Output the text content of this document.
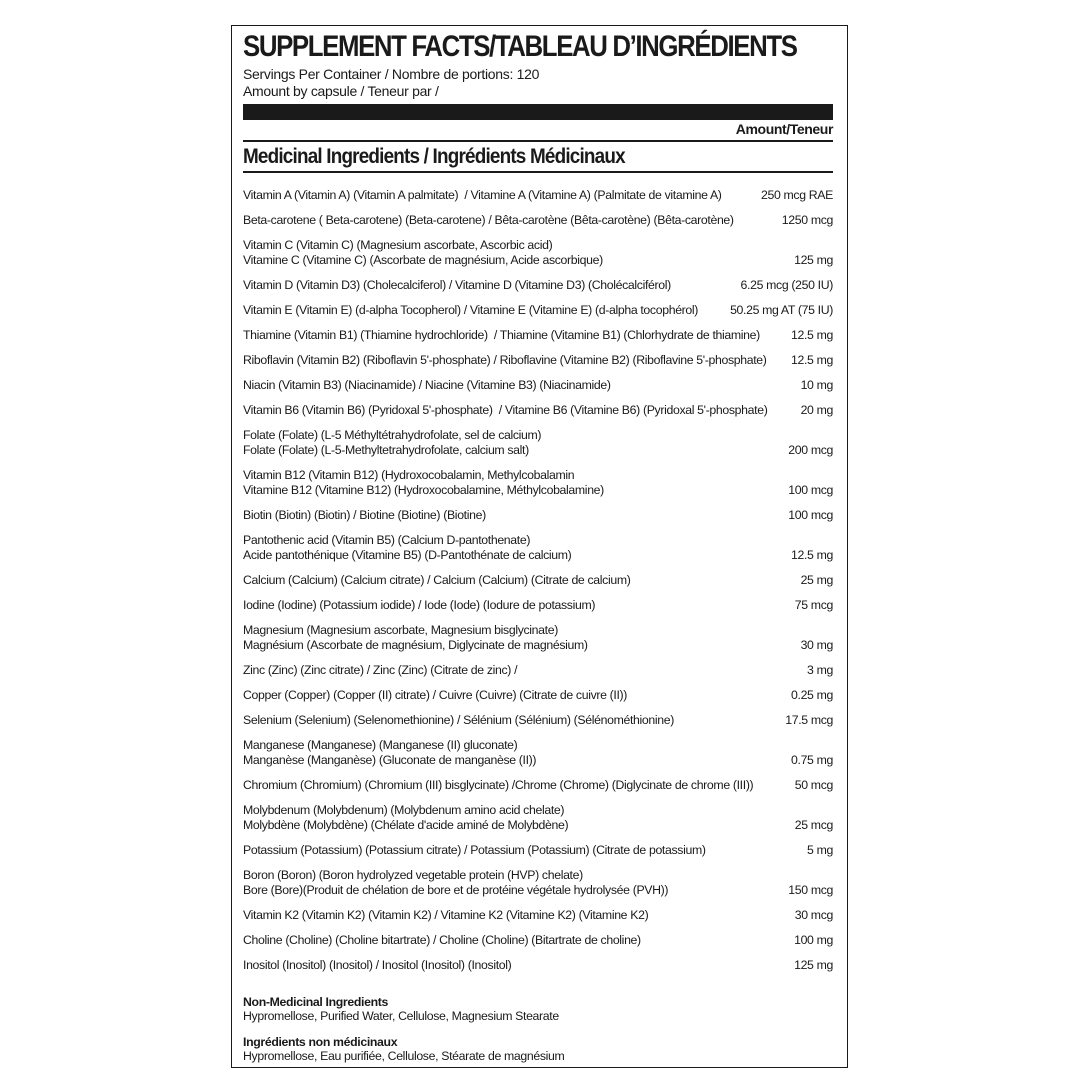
SUPPLEMENT FACTS/TABLEAU D’INGRÉDIENTS
Servings Per Container / Nombre de portions: 120
Amount by capsule / Teneur par /
Amount/Teneur
Medicinal Ingredients / Ingrédients Médicinaux
Vitamin A (Vitamin A) (Vitamin A palmitate)  / Vitamine A (Vitamine A) (Palmitate de vitamine A)	250 mcg RAE
Beta-carotene ( Beta-carotene) (Beta-carotene) / Bêta-carotène (Bêta-carotène) (Bêta-carotène)	1250 mcg
Vitamin C (Vitamin C) (Magnesium ascorbate, Ascorbic acid)
Vitamine C (Vitamine C) (Ascorbate de magnésium, Acide ascorbique)	125 mg
Vitamin D (Vitamin D3) (Cholecalciferol) / Vitamine D (Vitamine D3) (Cholécalciférol)	6.25 mcg (250 IU)
Vitamin E (Vitamin E) (d-alpha Tocopherol) / Vitamine E (Vitamine E) (d-alpha tocophérol)	50.25 mg AT (75 IU)
Thiamine (Vitamin B1) (Thiamine hydrochloride)  / Thiamine (Vitamine B1) (Chlorhydrate de thiamine)	12.5 mg
Riboflavin (Vitamin B2) (Riboflavin 5'-phosphate) / Riboflavine (Vitamine B2) (Riboflavine 5'-phosphate) 12.5 mg
Niacin (Vitamin B3) (Niacinamide) / Niacine (Vitamine B3) (Niacinamide)	10 mg
Vitamin B6 (Vitamin B6) (Pyridoxal 5'-phosphate)  / Vitamine B6 (Vitamine B6) (Pyridoxal 5'-phosphate)	20 mg
Folate (Folate) (L-5 Méthyltétrahydrofolate, sel de calcium)
Folate (Folate) (L-5-Methyltetrahydrofolate, calcium salt)	200 mcg
Vitamin B12 (Vitamin B12) (Hydroxocobalamin, Methylcobalamin
Vitamine B12 (Vitamine B12) (Hydroxocobalamine, Méthylcobalamine)	100 mcg
Biotin (Biotin) (Biotin) / Biotine (Biotine) (Biotine)	100 mcg
Pantothenic acid (Vitamin B5) (Calcium D-pantothenate)
Acide pantothénique (Vitamine B5) (D-Pantothénate de calcium)	12.5 mg
Calcium (Calcium) (Calcium citrate) / Calcium (Calcium) (Citrate de calcium)	25 mg
Iodine (Iodine) (Potassium iodide) / Iode (Iode) (Iodure de potassium)	75 mcg
Magnesium (Magnesium ascorbate, Magnesium bisglycinate)
Magnésium (Ascorbate de magnésium, Diglycinate de magnésium)	30 mg
Zinc (Zinc) (Zinc citrate) / Zinc (Zinc) (Citrate de zinc) /	3 mg
Copper (Copper) (Copper (II) citrate) / Cuivre (Cuivre) (Citrate de cuivre (II))	0.25 mg
Selenium (Selenium) (Selenomethionine) / Sélénium (Sélénium) (Sélénométhionine)	17.5 mcg
Manganese (Manganese) (Manganese (II) gluconate)
Manganèse (Manganèse) (Gluconate de manganèse (II))	0.75 mg
Chromium (Chromium) (Chromium (III) bisglycinate) /Chrome (Chrome) (Diglycinate de chrome (III))	50 mcg
Molybdenum (Molybdenum) (Molybdenum amino acid chelate)
Molybdène (Molybdène) (Chélate d'acide aminé de Molybdène)	25 mcg
Potassium (Potassium) (Potassium citrate) / Potassium (Potassium) (Citrate de potassium)	5 mg
Boron (Boron) (Boron hydrolyzed vegetable protein (HVP) chelate)
Bore (Bore)(Produit de chélation de bore et de protéine végétale hydrolysée (PVH))	150 mcg
Vitamin K2 (Vitamin K2) (Vitamin K2) / Vitamine K2 (Vitamine K2) (Vitamine K2)	30 mcg
Choline (Choline) (Choline bitartrate) / Choline (Choline) (Bitartrate de choline)	100 mg
Inositol (Inositol) (Inositol) / Inositol (Inositol) (Inositol)	125 mg
Non-Medicinal Ingredients
Hypromellose, Purified Water, Cellulose, Magnesium Stearate
Ingrédients non médicinaux
Hypromellose, Eau purifiée, Cellulose, Stéarate de magnésium
